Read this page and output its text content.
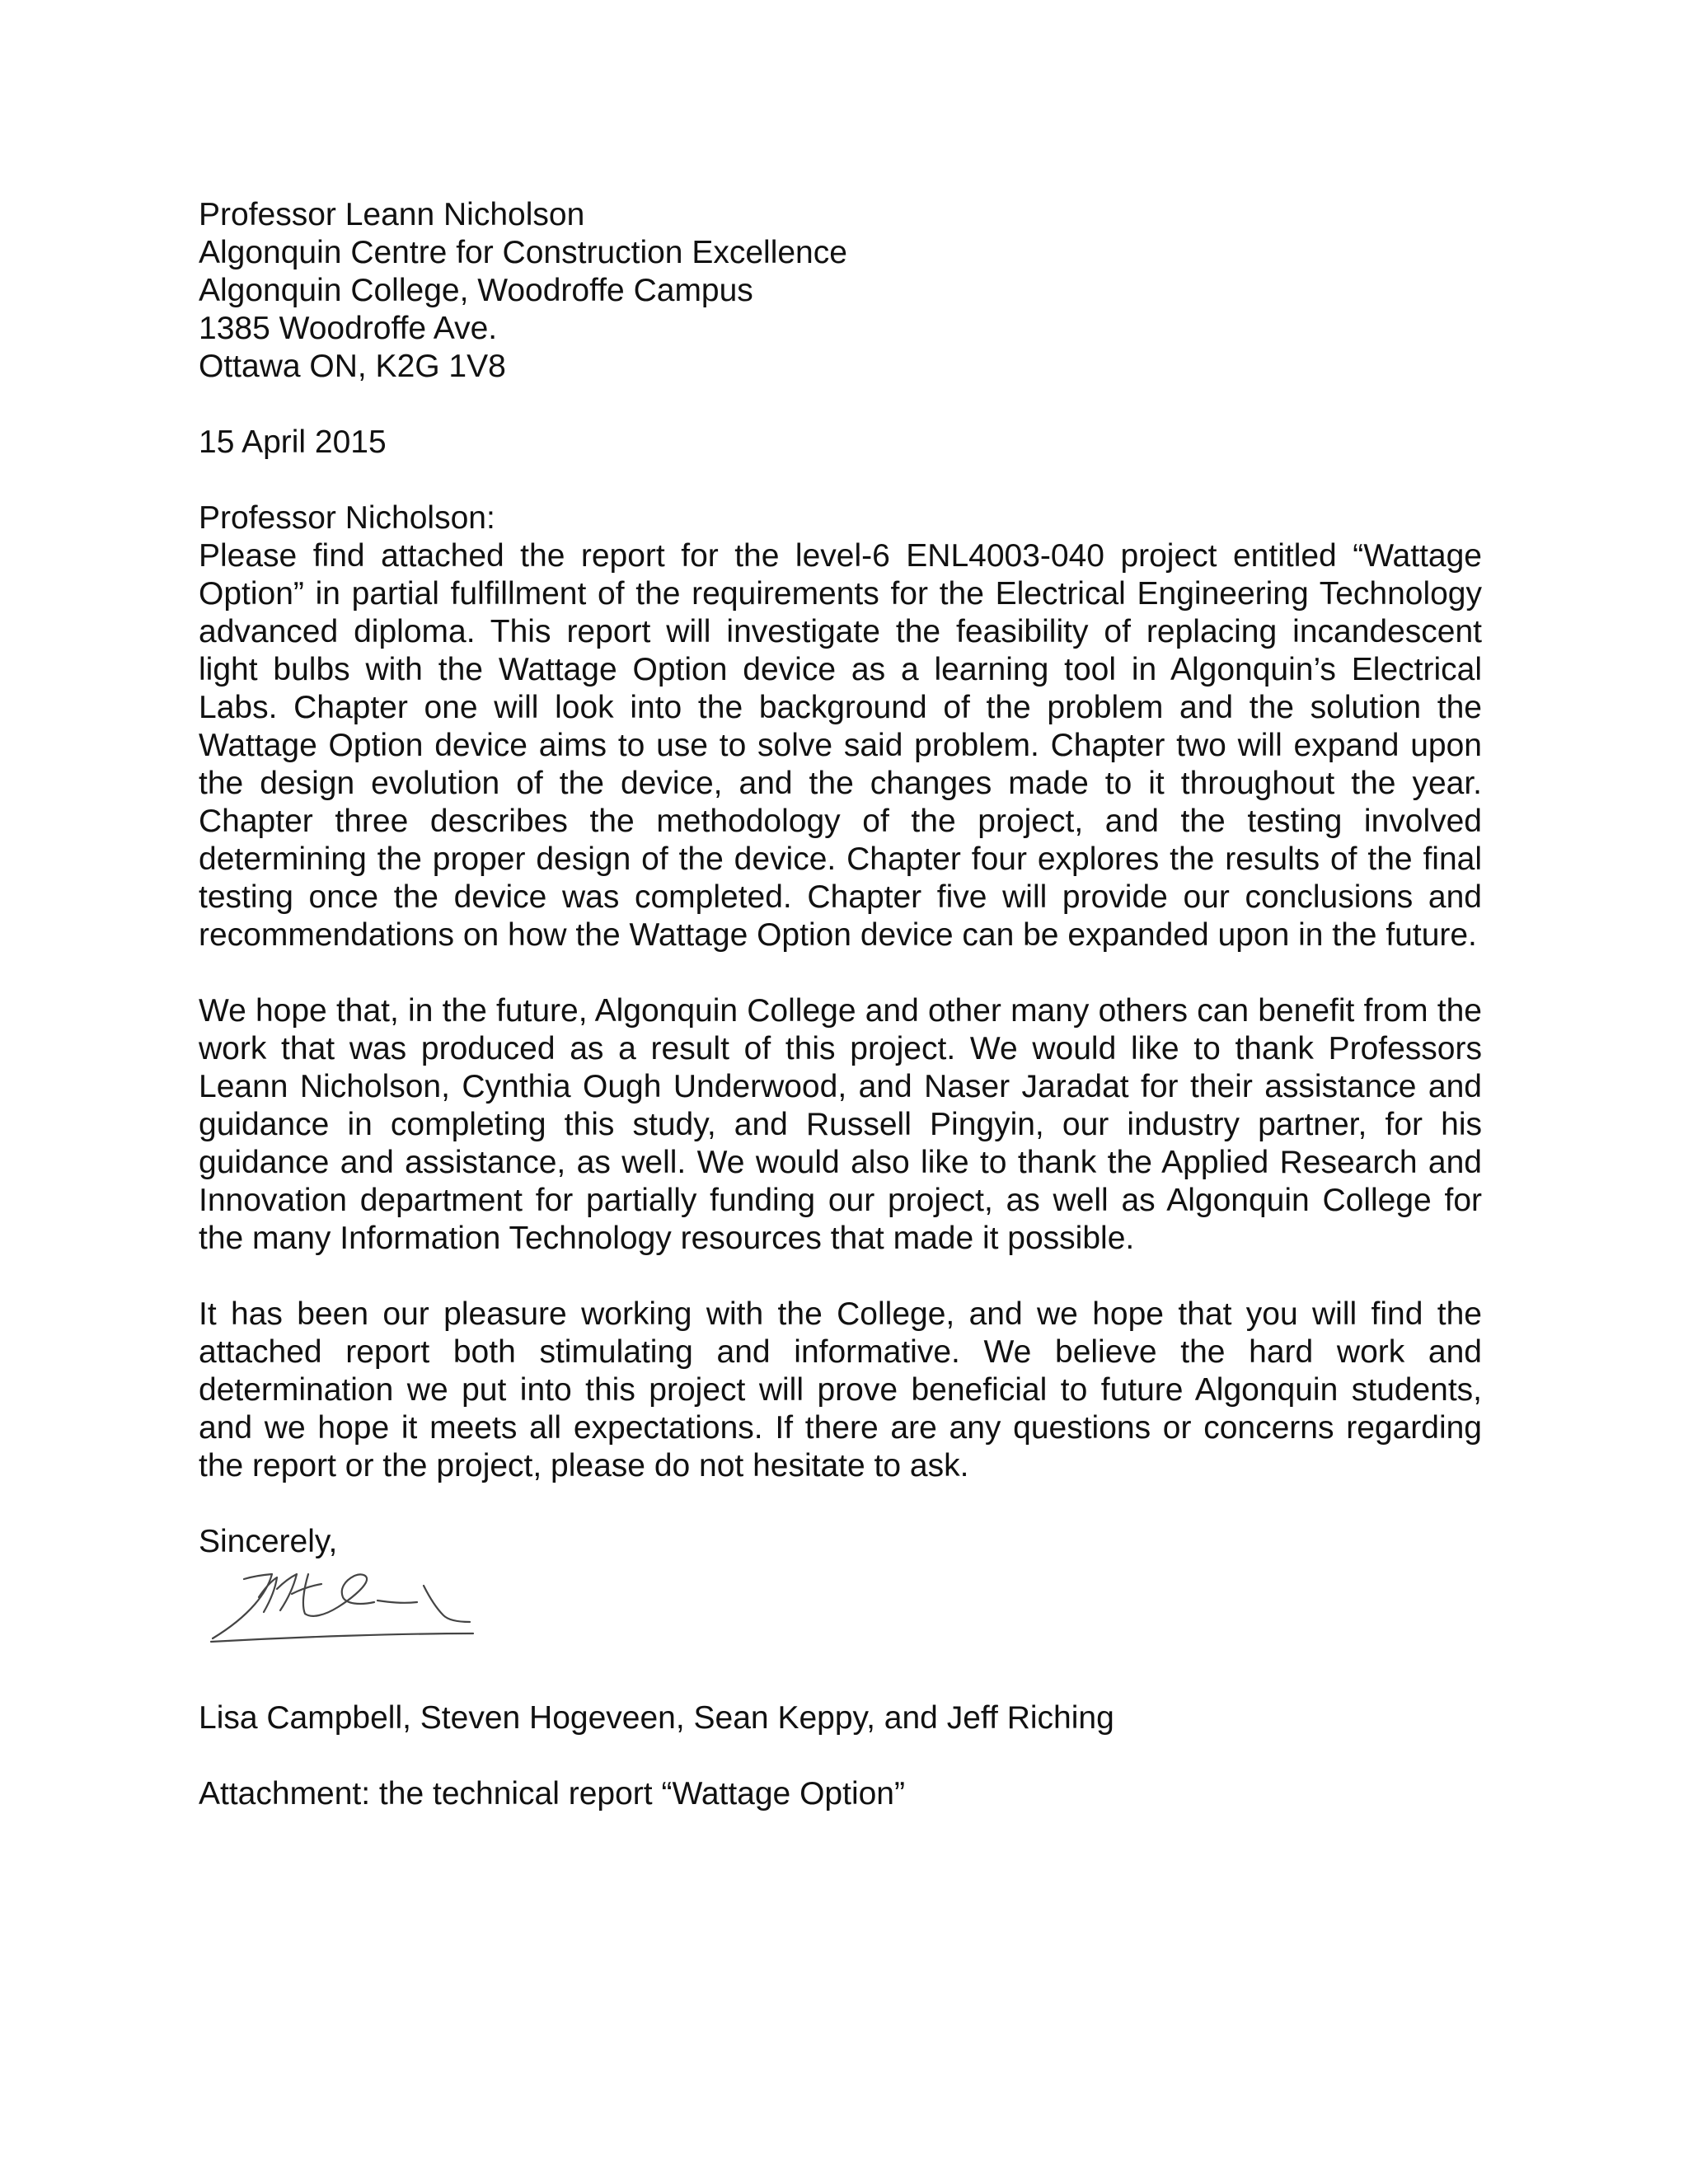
Professor Leann Nicholson
Algonquin Centre for Construction Excellence
Algonquin College, Woodroffe Campus
1385 Woodroffe Ave.
Ottawa ON, K2G 1V8
15 April 2015
Professor Nicholson:

Please find attached the report for the level-6 ENL4003-040 project entitled “Wattage Option” in partial fulfillment of the requirements for the Electrical Engineering Technology advanced diploma. This report will investigate the feasibility of replacing incandescent light bulbs with the Wattage Option device as a learning tool in Algonquin’s Electrical Labs. Chapter one will look into the background of the problem and the solution the Wattage Option device aims to use to solve said problem. Chapter two will expand upon the design evolution of the device, and the changes made to it throughout the year. Chapter three describes the methodology of the project, and the testing involved determining the proper design of the device. Chapter four explores the results of the final testing once the device was completed. Chapter five will provide our conclusions and recommendations on how the Wattage Option device can be expanded upon in the future.

We hope that, in the future, Algonquin College and other many others can benefit from the work that was produced as a result of this project. We would like to thank Professors Leann Nicholson, Cynthia Ough Underwood, and Naser Jaradat for their assistance and guidance in completing this study, and Russell Pingyin, our industry partner, for his guidance and assistance, as well. We would also like to thank the Applied Research and Innovation department for partially funding our project, as well as Algonquin College for the many Information Technology resources that made it possible.

It has been our pleasure working with the College, and we hope that you will find the attached report both stimulating and informative. We believe the hard work and determination we put into this project will prove beneficial to future Algonquin students, and we hope it meets all expectations. If there are any questions or concerns regarding the report or the project, please do not hesitate to ask.

Sincerely,
Lisa Campbell, Steven Hogeveen, Sean Keppy, and Jeff Riching
Attachment: the technical report “Wattage Option”
